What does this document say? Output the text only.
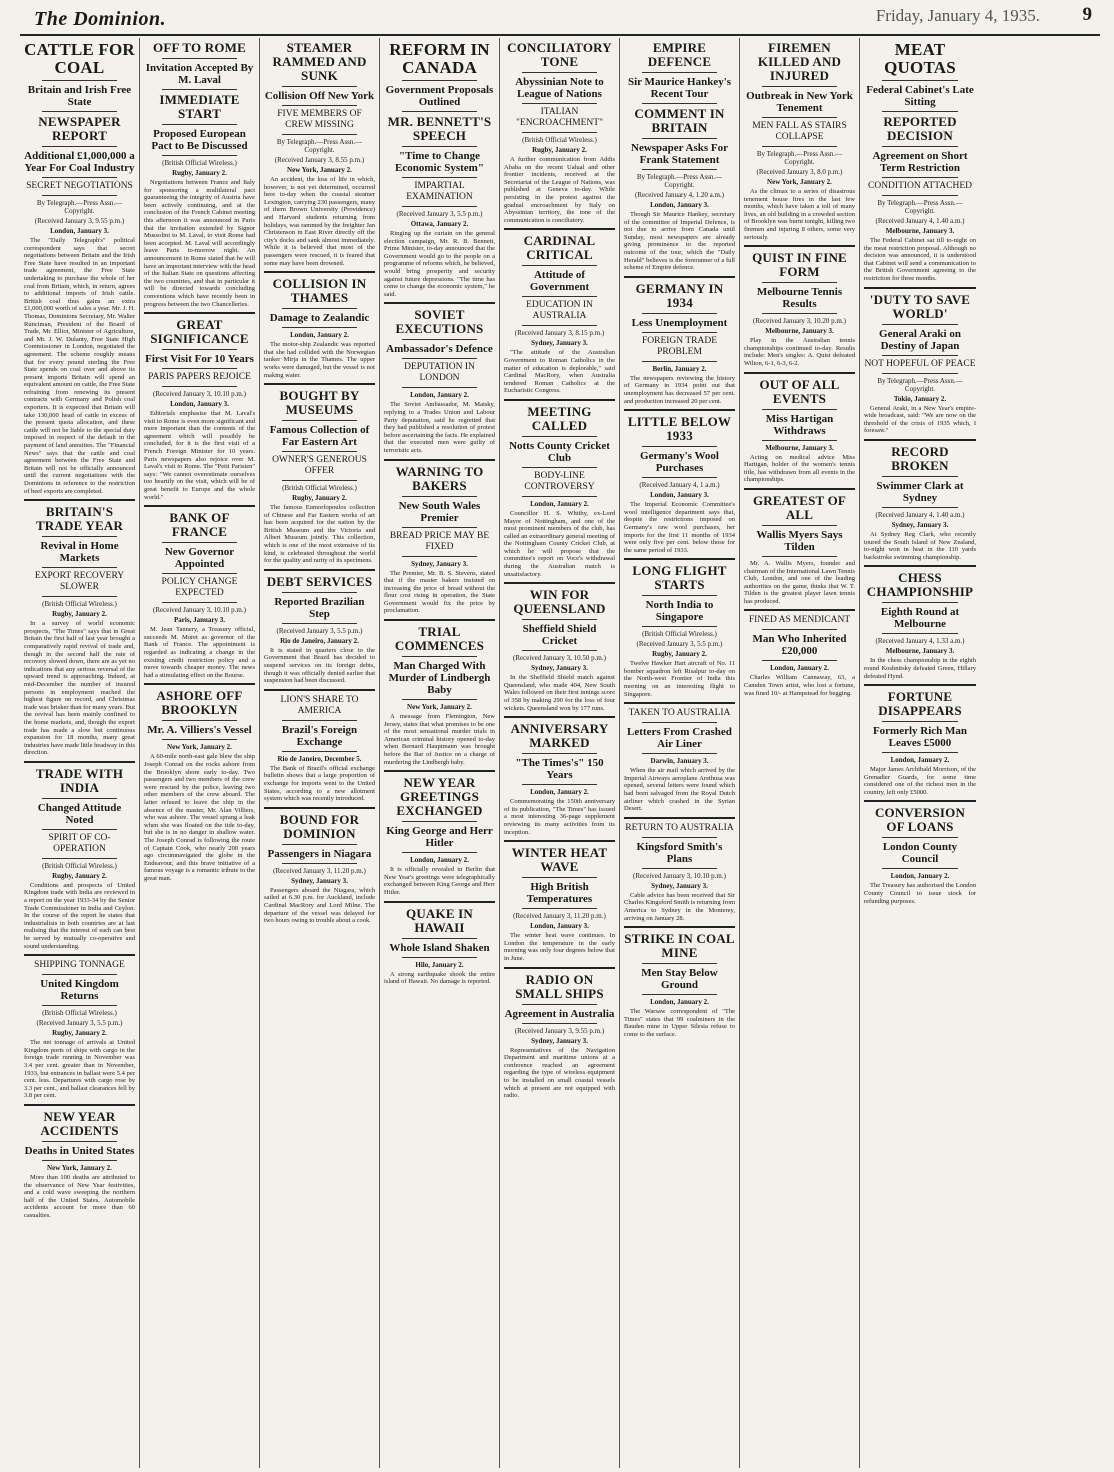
The Dominion.	Friday, January 4, 1935. 9
CATTLE FOR COAL
Britain and Irish Free State
NEWSPAPER REPORT
Additional £1,000,000 a Year For Coal Industry
SECRET NEGOTIATIONS
By Telegraph.—Press Assn.—Copyright.
(Received January 3, 9.55 p.m.)
London, January 3.

The "Daily Telegraph's" political correspondent says that secret negotiations between Britain and the Irish Free State have resulted in an important trade agreement, the Free State undertaking to purchase the whole of her coal from Britain, which, in return, agrees to additional imports of Irish cattle. British coal thus gains an extra £1,000,000 worth of sales a year. Mr. J. H. Thomas, Dominions Secretary, Mr. Walter Runciman, President of the Board of Trade, Mr. Elliot, Minister of Agriculture, and Mr. J. W. Dulanty, Free State High Commissioner in London, negotiated the agreement. The scheme roughly means that for every pound sterling the Free State spends on coal over and above its present imports Britain will spend an equivalent amount on cattle, the Free State refraining from renewing its present contracts with Germany and Polish coal exporters. It is expected that Britain will take 130,000 head of cattle in excess of the present quota allocation, and these cattle will not be liable to the special duty imposed in respect of the default in the payment of land annuities. The "Financial News" says that the cattle and coal agreement between the Free State and Britain will not be officially announced until the current negotiations with the Dominions in reference to the restriction of beef exports are completed.

BRITAIN'S TRADE YEAR
Revival in Home Markets
EXPORT RECOVERY SLOWER
(British Official Wireless.)
Rugby, January 2.

In a survey of world economic prospects, "The Times" says that in Great Britain the first half of last year brought a comparatively rapid revival of trade and, though in the second half the rate of recovery slowed down, there are as yet no indications that any serious reversal of the upward trend is approaching. Indeed, at mid-December the number of insured persons in employment reached the highest figure on record, and Christmas trade was brisker than for many years. But the revival has been mainly confined to the home markets, and, though the export trade has made a slow but continuous expansion for 18 months, many great industries have made little headway in this direction.

TRADE WITH INDIA
Changed Attitude Noted
SPIRIT OF CO-OPERATION
(British Official Wireless.)
Rugby, January 2.

Conditions and prospects of United Kingdom trade with India are reviewed in a report on the year 1933-34 by the Senior Trade Commissioner in India and Ceylon. In the course of the report he states that industrialists in both countries are at last realising that the interest of each can best be served by mutually co-operative and sound understanding.

SHIPPING TONNAGE
United Kingdom Returns
(British Official Wireless.)
(Received January 3, 5.5 p.m.)
Rugby, January 2.

The net tonnage of arrivals at United Kingdom ports of ships with cargo in the foreign trade running in November was 3.4 per cent. greater than in November, 1933, but entrances in ballast were 5.4 per cent. less. Departures with cargo rose by 3.3 per cent., and ballast clearances fell by 3.8 per cent.

NEW YEAR ACCIDENTS
Deaths in United States
New York, January 2.

More than 100 deaths are attributed to the observance of New Year festivities, and a cold wave sweeping the northern half of the United States. Automobile accidents account for more than 60 casualties.

OFF TO ROME
Invitation Accepted By M. Laval
IMMEDIATE START
Proposed European Pact to Be Discussed
(British Official Wireless.)
Rugby, January 2.

Negotiations between France and Italy for sponsoring a multilateral pact guaranteeing the integrity of Austria have been actively continuing, and at the conclusion of the French Cabinet meeting this afternoon it was announced in Paris that the invitation extended by Signor Mussolini to M. Laval, to visit Rome had been accepted. M. Laval will accordingly leave Paris to-morrow night. An announcement in Rome stated that he will have an important interview with the head of the Italian State on questions affecting the two countries, and that in particular it will be directed towards concluding conventions which have recently been in progress between the two Chancelleries.

GREAT SIGNIFICANCE
First Visit For 10 Years
PARIS PAPERS REJOICE
(Received January 3, 10.10 p.m.)
London, January 3.

Editorials emphasise that M. Laval's visit to Rome is even more significant and more important than the contents of the agreement which will possibly be concluded, for it is the first visit of a French Foreign Minister for 10 years. Paris newspapers also rejoice over M. Laval's visit to Rome. The "Petit Parisien" says: "We cannot overestimate ourselves too heartily on the visit, which will be of great benefit to Europe and the whole world."

BANK OF FRANCE
New Governor Appointed
POLICY CHANGE EXPECTED
(Received January 3, 10.10 p.m.)
Paris, January 3.

M. Jean Tannery, a Treasury official, succeeds M. Moret as governor of the Bank of France. The appointment is regarded as indicating a change in the existing credit restriction policy and a move towards cheaper money. The news had a stimulating effect on the Bourse.

ASHORE OFF BROOKLYN
Mr. A. Villiers's Vessel
New York, January 2.

A 60-mile north-east gale blew the ship Joseph Conrad on the rocks ashore from the Brooklyn shore early to-day. Two passengers and two members of the crew were rescued by the police, leaving two other members of the crew aboard. The latter refused to leave the ship in the absence of the master, Mr. Alan Villiers, who was ashore. The vessel sprang a leak when she was floated on the tide to-day, but she is in no danger in shallow water. The Joseph Conrad is following the route of Captain Cook, who nearly 200 years ago circumnavigated the globe in the Endeavour, and this brave initiative of a famous voyage is a romantic tribute to the great man.

STEAMER RAMMED AND SUNK
Collision Off New York
FIVE MEMBERS OF CREW MISSING
By Telegraph.—Press Assn.—Copyright.
(Received January 3, 8.55 p.m.)
New York, January 2.

An accident, the loss of life in which, however, is not yet determined, occurred here to-day when the coastal steamer Lexington, carrying 230 passengers, many of them Brown University (Providence) and Harvard students returning from holidays, was rammed by the freighter Jan Christenson in East River directly off the city's docks and sank almost immediately. While it is believed that most of the passengers were rescued, it is feared that some may have been drowned.

COLLISION IN THAMES
Damage to Zealandic
London, January 2.

The motor-ship Zealandic was reported that she had collided with the Norwegian tanker Mirja in the Thames. The upper works were damaged, but the vessel is not making water.

BOUGHT BY MUSEUMS
Famous Collection of Far Eastern Art
OWNER'S GENEROUS OFFER
(British Official Wireless.)
Rugby, January 2.

The famous Eumorfopoulos collection of Chinese and Far Eastern works of art has been acquired for the nation by the British Museum and the Victoria and Albert Museum jointly. This collection, which is one of the most extensive of its kind, is celebrated throughout the world for the quality and rarity of its specimens.

DEBT SERVICES
Reported Brazilian Step
(Received January 3, 5.5 p.m.)
Rio de Janeiro, January 2.

It is stated in quarters close to the Government that Brazil has decided to suspend services on its foreign debts, though it was officially denied earlier that suspension had been discussed.

LION'S SHARE TO AMERICA
Brazil's Foreign Exchange
Rio de Janeiro, December 5.

The Bank of Brazil's official exchange bulletin shows that a large proportion of exchange for imports went to the United States, according to a new allotment system which was recently introduced.

BOUND FOR DOMINION
Passengers in Niagara
(Received January 3, 11.20 p.m.)
Sydney, January 3.

Passengers aboard the Niagara, which sailed at 6.30 p.m. for Auckland, include Cardinal MacRory and Lord Milne. The departure of the vessel was delayed for two hours owing to trouble about a cook.

REFORM IN CANADA
Government Proposals Outlined
MR. BENNETT'S SPEECH
"Time to Change Economic System"
IMPARTIAL EXAMINATION
(Received January 3, 5.5 p.m.)
Ottawa, January 2.

Ringing up the curtain on the general election campaign, Mr. R. B. Bennett, Prime Minister, to-day announced that the Government would go to the people on a programme of reforms which, he believed, would bring prosperity and security against future depressions. "The time has come to change the economic system," he said.

SOVIET EXECUTIONS
Ambassador's Defence
DEPUTATION IN LONDON
London, January 2.

The Soviet Ambassador, M. Maisky, replying to a Trades Union and Labour Party deputation, said he regretted that they had published a resolution of protest before ascertaining the facts. He explained that the executed men were guilty of terroristic acts.

WARNING TO BAKERS
New South Wales Premier
BREAD PRICE MAY BE FIXED
Sydney, January 3.

The Premier, Mr. B. S. Stevens, stated that if the master bakers insisted on increasing the price of bread without the flour cost rising in operation, the State Government would fix the price by proclamation.

TRIAL COMMENCES
Man Charged With Murder of Lindbergh Baby
New York, January 2.

A message from Flemington, New Jersey, states that what promises to be one of the most sensational murder trials in American criminal history opened to-day when Bernard Hauptmann was brought before the Bar of Justice on a charge of murdering the Lindbergh baby.

NEW YEAR GREETINGS EXCHANGED
King George and Herr Hitler
London, January 2.

It is officially revealed in Berlin that New Year's greetings were telegraphically exchanged between King George and Herr Hitler.

QUAKE IN HAWAII
Whole Island Shaken
Hilo, January 2.

A strong earthquake shook the entire island of Hawaii. No damage is reported.

CONCILIATORY TONE
Abyssinian Note to League of Nations
ITALIAN "ENCROACHMENT"
(British Official Wireless.)
Rugby, January 2.

A further communication from Addis Ababa on the recent Ualual and other frontier incidents, received at the Secretariat of the League of Nations, was published at Geneva to-day. While persisting in the protest against the gradual encroachment by Italy on Abyssinian territory, the tone of the communication is conciliatory.

CARDINAL CRITICAL
Attitude of Government
EDUCATION IN AUSTRALIA
(Received January 3, 8.15 p.m.)
Sydney, January 3.

"The attitude of the Australian Government to Roman Catholics in the matter of education is deplorable," said Cardinal MacRory, when Australia tendered Roman Catholics at the Eucharistic Congress.

MEETING CALLED
Notts County Cricket Club
BODY-LINE CONTROVERSY
London, January 2.

Councillor H. S. Whitby, ex-Lord Mayor of Nottingham, and one of the most prominent members of the club, has called an extraordinary general meeting of the Nottingham County Cricket Club, at which he will propose that the committee's report on Voce's withdrawal during the Australian match is unsatisfactory.

WIN FOR QUEENSLAND
Sheffield Shield Cricket
(Received January 3, 10.50 p.m.)
Sydney, January 3.

In the Sheffield Shield match against Queensland, who made 404, New South Wales followed on their first innings score of 358 by making 290 for the loss of four wickets. Queensland won by 177 runs.

ANNIVERSARY MARKED
"The Times's" 150 Years
London, January 2.

Commemorating the 150th anniversary of its publication, "The Times" has issued a most interesting 36-page supplement reviewing its many activities from its inception.

WINTER HEAT WAVE
High British Temperatures
(Received January 3, 11.20 p.m.)
London, January 3.

The winter heat wave continues. In London the temperature in the early morning was only four degrees below that in June.

RADIO ON SMALL SHIPS
Agreement in Australia
(Received January 3, 9.55 p.m.)
Sydney, January 3.

Representatives of the Navigation Department and maritime unions at a conference reached an agreement regarding the type of wireless equipment to be installed on small coastal vessels which at present are not equipped with radio.

EMPIRE DEFENCE
Sir Maurice Hankey's Recent Tour
COMMENT IN BRITAIN
Newspaper Asks For Frank Statement
By Telegraph.—Press Assn.—Copyright.
(Received January 4, 1.20 a.m.)
London, January 3.

Though Sir Maurice Hankey, secretary of the committee of Imperial Defence, is not due to arrive from Canada until Sunday, most newspapers are already giving prominence to the reported outcome of the tour, which the "Daily Herald" believes is the forerunner of a full scheme of Empire defence.

GERMANY IN 1934
Less Unemployment
FOREIGN TRADE PROBLEM
Berlin, January 2.

The newspapers reviewing the history of Germany in 1934 point out that unemployment has decreased 57 per cent. and production increased 20 per cent.

LITTLE BELOW 1933
Germany's Wool Purchases
(Received January 4, 1 a.m.)
London, January 3.

The Imperial Economic Committee's wool intelligence department says that, despite the restrictions imposed on Germany's raw wool purchases, her imports for the first 11 months of 1934 were only five per cent. below those for the same period of 1933.

LONG FLIGHT STARTS
North India to Singapore
(British Official Wireless.)
(Received January 3, 5.5 p.m.)
Rugby, January 2.

Twelve Hawker Hart aircraft of No. 11 bomber squadron left Risalpur to-day on the North-west Frontier of India this morning on an interesting flight to Singapore.

TAKEN TO AUSTRALIA
Letters From Crashed Air Liner
Darwin, January 3.

When the air mail which arrived by the Imperial Airways aeroplane Arethusa was opened, several letters were found which had been salvaged from the Royal Dutch airliner which crashed in the Syrian Desert.

RETURN TO AUSTRALIA
Kingsford Smith's Plans
(Received January 3, 10.10 p.m.)
Sydney, January 3.

Cable advice has been received that Sir Charles Kingsford Smith is returning from America to Sydney in the Monterey, arriving on January 28.

STRIKE IN COAL MINE
Men Stay Below Ground
London, January 2.

The Warsaw correspondent of "The Times" states that 99 coalminers in the Bauden mine in Upper Silesia refuse to come to the surface.

FIREMEN KILLED AND INJURED
Outbreak in New York Tenement
MEN FALL AS STAIRS COLLAPSE
By Telegraph.—Press Assn.—Copyright.
(Received January 3, 8.0 p.m.)
New York, January 2.

As the climax to a series of disastrous tenement house fires in the last few months, which have taken a toll of many lives, an old building in a crowded section of Brooklyn was burnt tonight, killing two firemen and injuring 8 others, some very seriously.

QUIST IN FINE FORM
Melbourne Tennis Results
(Received January 3, 10.20 p.m.)
Melbourne, January 3.

Play in the Australian tennis championships continued to-day. Results include: Men's singles: A. Quist defeated Wilton, 6-1, 6-3, 6-2.

OUT OF ALL EVENTS
Miss Hartigan Withdraws
Melbourne, January 3.

Acting on medical advice Miss Hartigan, holder of the women's tennis title, has withdrawn from all events in the championships.

GREATEST OF ALL
Wallis Myers Says Tilden

Mr. A. Wallis Myers, founder and chairman of the International Lawn Tennis Club, London, and one of the leading authorities on the game, thinks that W. T. Tilden is the greatest player lawn tennis has produced.

FINED AS MENDICANT
Man Who Inherited £20,000
London, January 2.

Charles William Cannaway, 63, a Camden Town artist, who lost a fortune, was fined 10/- at Hampstead for begging.

MEAT QUOTAS
Federal Cabinet's Late Sitting
REPORTED DECISION
Agreement on Short Term Restriction
CONDITION ATTACHED
By Telegraph.—Press Assn.—Copyright.
(Received January 4, 1.40 a.m.)
Melbourne, January 3.

The Federal Cabinet sat till to-night on the meat restriction proposal. Although no decision was announced, it is understood that Cabinet will send a communication to the British Government agreeing to the restriction for three months.

'DUTY TO SAVE WORLD'
General Araki on Destiny of Japan
NOT HOPEFUL OF PEACE
By Telegraph.—Press Assn.—Copyright.
Tokio, January 2.

General Araki, in a New Year's empire-wide broadcast, said: "We are now on the threshold of the crisis of 1935 which, I foresaw."

RECORD BROKEN
Swimmer Clark at Sydney
(Received January 4, 1.40 a.m.)
Sydney, January 3.

At Sydney Reg Clark, who recently toured the South Island of New Zealand, to-night won in heat in the 110 yards backstroke swimming championship.

CHESS CHAMPIONSHIP
Eighth Round at Melbourne
(Received January 4, 1.33 a.m.)
Melbourne, January 3.

In the chess championship in the eighth round Koshnitsky defeated Green, Hillary defeated Hynd.

FORTUNE DISAPPEARS
Formerly Rich Man Leaves £5000
London, January 2.

Major James Archibald Morrison, of the Grenadier Guards, for some time considered one of the richest men in the country, left only £5000.

CONVERSION OF LOANS
London County Council
London, January 2.

The Treasury has authorised the London County Council to issue stock for refunding purposes.
